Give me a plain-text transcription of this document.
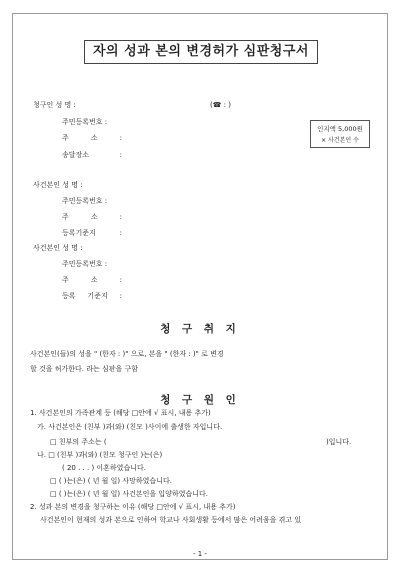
자의 성과 본의 변경허가 심판청구서
청구인 성 명 :	(☎ : )
주민등록번호 :
주 소 :
송달장소 :
인지액 5,000원
× 사건본인 수
사건본인 성 명 :
주민등록번호 :
주 소 :
등록기준지 :
사건본인 성 명 :
주민등록번호 :
주 소 :
등록 기준지 :
청 구 취 지
사건본인(들)의 성을 " (한자 : )" 으로, 본을 " (한자 : )" 로 변경
할 것을 허가한다. 라는 심판을 구함
청 구 원 인
1. 사건본인의 가족관계 등 (해당 □안에 √ 표시, 내용 추가)
가. 사건본인은 (친부 )과(와) (친모 )사이에 출생한 자입니다.
□ 친부의 주소는 (	)입니다.
나. □ (친부 )과(와) (친모 청구인 )는(은)
( 20 . . . ) 이혼하였습니다.
□ ( )는(은) ( 년 월 일) 사망하였습니다.
□ ( )는(은) ( 년 월 일) 사건본인을 입양하였습니다.
2. 성과 본의 변경을 청구하는 이유 (해당 □안에 √ 표시, 내용 추가)
사건본인이 현재의 성과 본으로 인하여 학교나 사회생활 등에서 많은 어려움을 겪고 있
- 1 -
